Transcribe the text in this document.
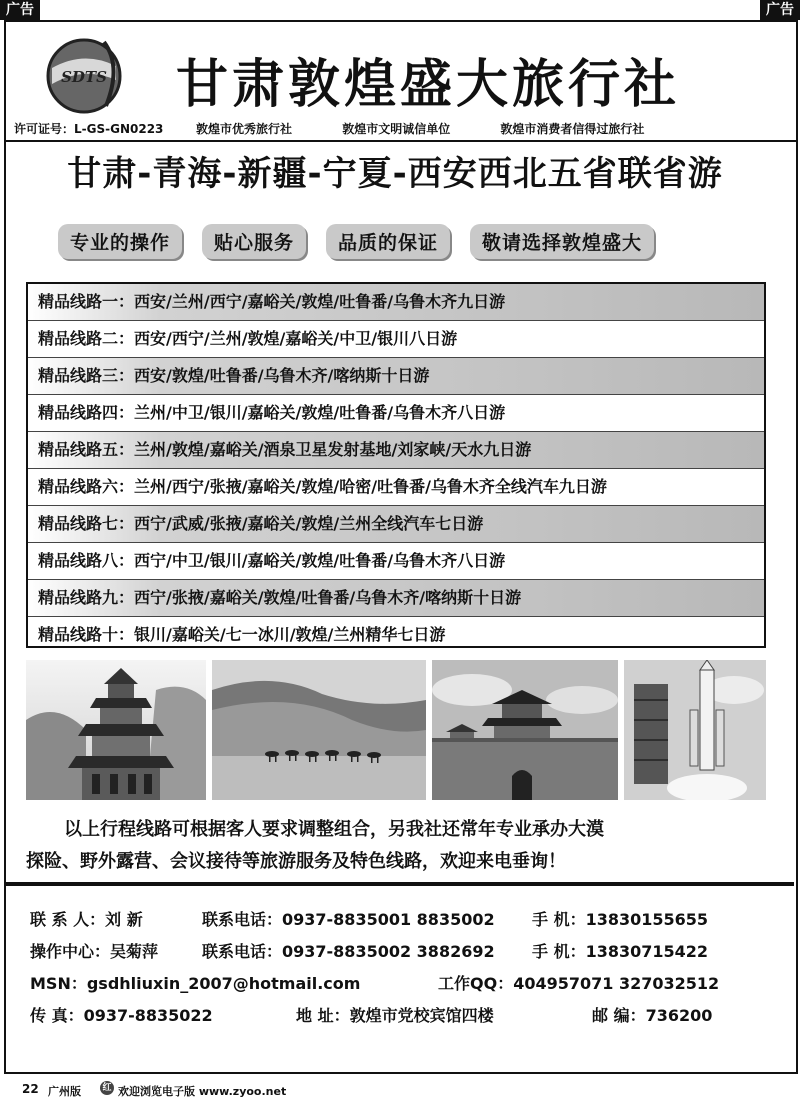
广告	广告
SDTS 甘肃敦煌盛大旅行社
许可证号：L-GS-GN0223	敦煌市优秀旅行社	敦煌市文明诚信单位	敦煌市消费者信得过旅行社
甘肃-青海-新疆-宁夏-西安西北五省联省游
专业的操作	贴心服务	品质的保证	敬请选择敦煌盛大
精品线路一：西安/兰州/西宁/嘉峪关/敦煌/吐鲁番/乌鲁木齐九日游
精品线路二：西安/西宁/兰州/敦煌/嘉峪关/中卫/银川八日游
精品线路三：西安/敦煌/吐鲁番/乌鲁木齐/喀纳斯十日游
精品线路四：兰州/中卫/银川/嘉峪关/敦煌/吐鲁番/乌鲁木齐八日游
精品线路五：兰州/敦煌/嘉峪关/酒泉卫星发射基地/刘家峡/天水九日游
精品线路六：兰州/西宁/张掖/嘉峪关/敦煌/哈密/吐鲁番/乌鲁木齐全线汽车九日游
精品线路七：西宁/武威/张掖/嘉峪关/敦煌/兰州全线汽车七日游
精品线路八：西宁/中卫/银川/嘉峪关/敦煌/吐鲁番/乌鲁木齐八日游
精品线路九：西宁/张掖/嘉峪关/敦煌/吐鲁番/乌鲁木齐/喀纳斯十日游
精品线路十：银川/嘉峪关/七一冰川/敦煌/兰州精华七日游
以上行程线路可根据客人要求调整组合，另我社还常年专业承办大漠
探险、野外露营、会议接待等旅游服务及特色线路，欢迎来电垂询！
联 系 人：刘 新	联系电话：0937-8835001 8835002 手 机：13830155655
操作中心：吴菊萍	联系电话：0937-8835002 3882692 手 机：13830715422
MSN：gsdhliuxin_2007@hotmail.com	工作QQ：404957071 327032512
传 真：0937-8835022	地 址：敦煌市党校宾馆四楼	邮 编：736200
22 广州版 红 欢迎浏览电子版 www.zyoo.net
